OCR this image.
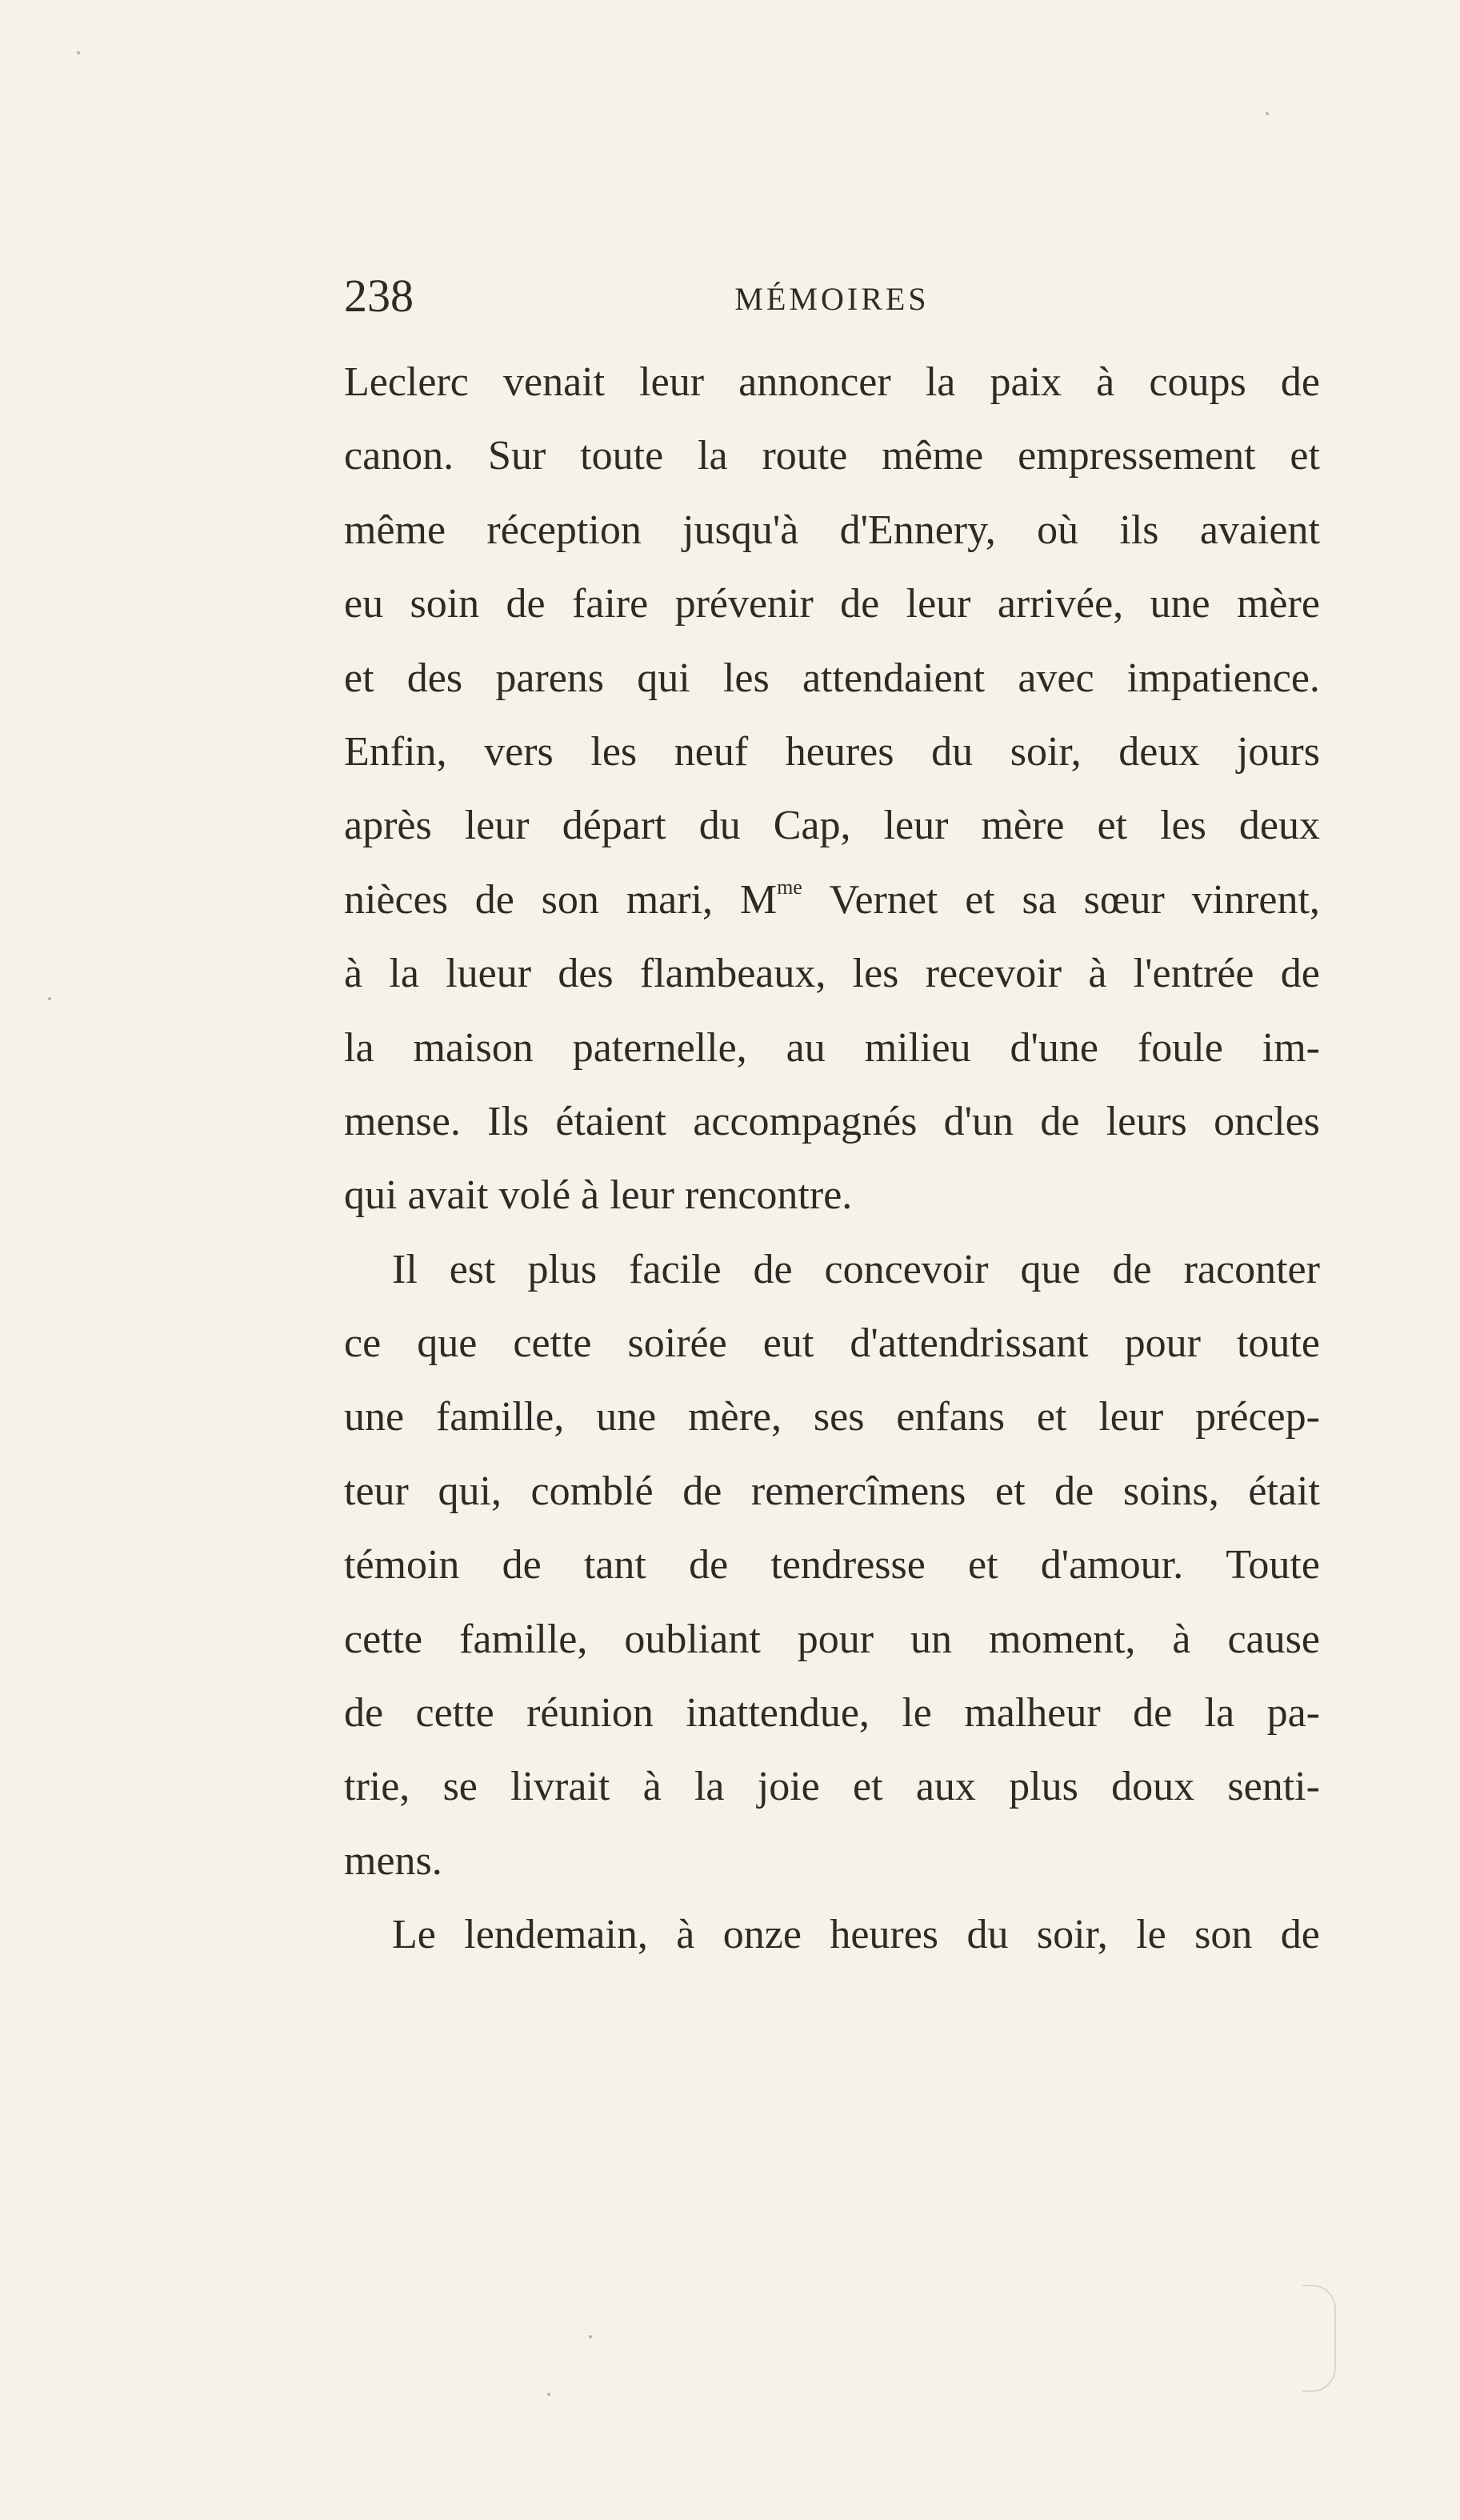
238	MÉMOIRES
Leclerc venait leur annoncer la paix à coups de
canon. Sur toute la route même empressement et
même réception jusqu'à d'Ennery, où ils avaient
eu soin de faire prévenir de leur arrivée, une mère
et des parens qui les attendaient avec impatience.
Enfin, vers les neuf heures du soir, deux jours
après leur départ du Cap, leur mère et les deux
nièces de son mari, $M^{me}$ Vernet et sa sœur vinrent,
à la lueur des flambeaux, les recevoir à l'entrée de
la maison paternelle, au milieu d'une foule im-
mense. Ils étaient accompagnés d'un de leurs oncles
qui avait volé à leur rencontre.
Il est plus facile de concevoir que de raconter
ce que cette soirée eut d'attendrissant pour toute
une famille, une mère, ses enfans et leur précep-
teur qui, comblé de remercîmens et de soins, était
témoin de tant de tendresse et d'amour. Toute
cette famille, oubliant pour un moment, à cause
de cette réunion inattendue, le malheur de la pa-
trie, se livrait à la joie et aux plus doux senti-
mens.
Le lendemain, à onze heures du soir, le son de
